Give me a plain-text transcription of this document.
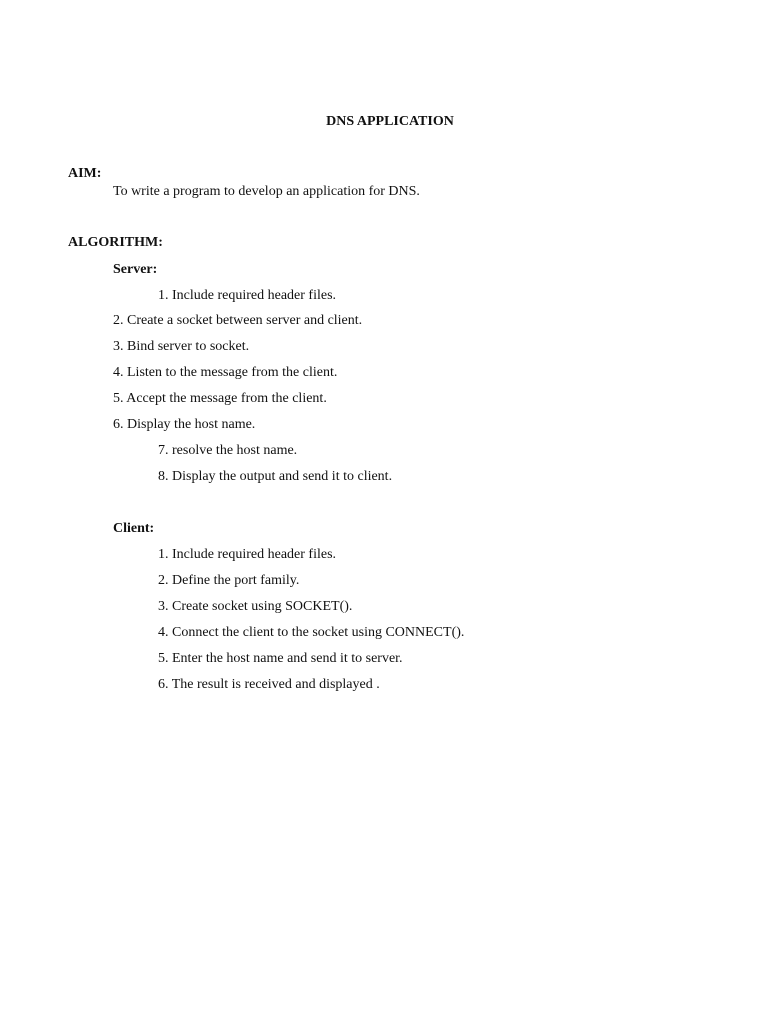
DNS APPLICATION
AIM:
To write a program to develop an application for DNS.
ALGORITHM:
Server:
1. Include required header files.
2. Create a socket between server and client.
3. Bind server to socket.
4. Listen to the message from the client.
5. Accept the message from the client.
6. Display the host name.
7. resolve the host name.
8. Display the output and send it to client.
Client:
1. Include required header files.
2. Define the port family.
3. Create socket using SOCKET().
4. Connect the client to the socket using CONNECT().
5. Enter the host name and send it to server.
6. The result is received and displayed .
